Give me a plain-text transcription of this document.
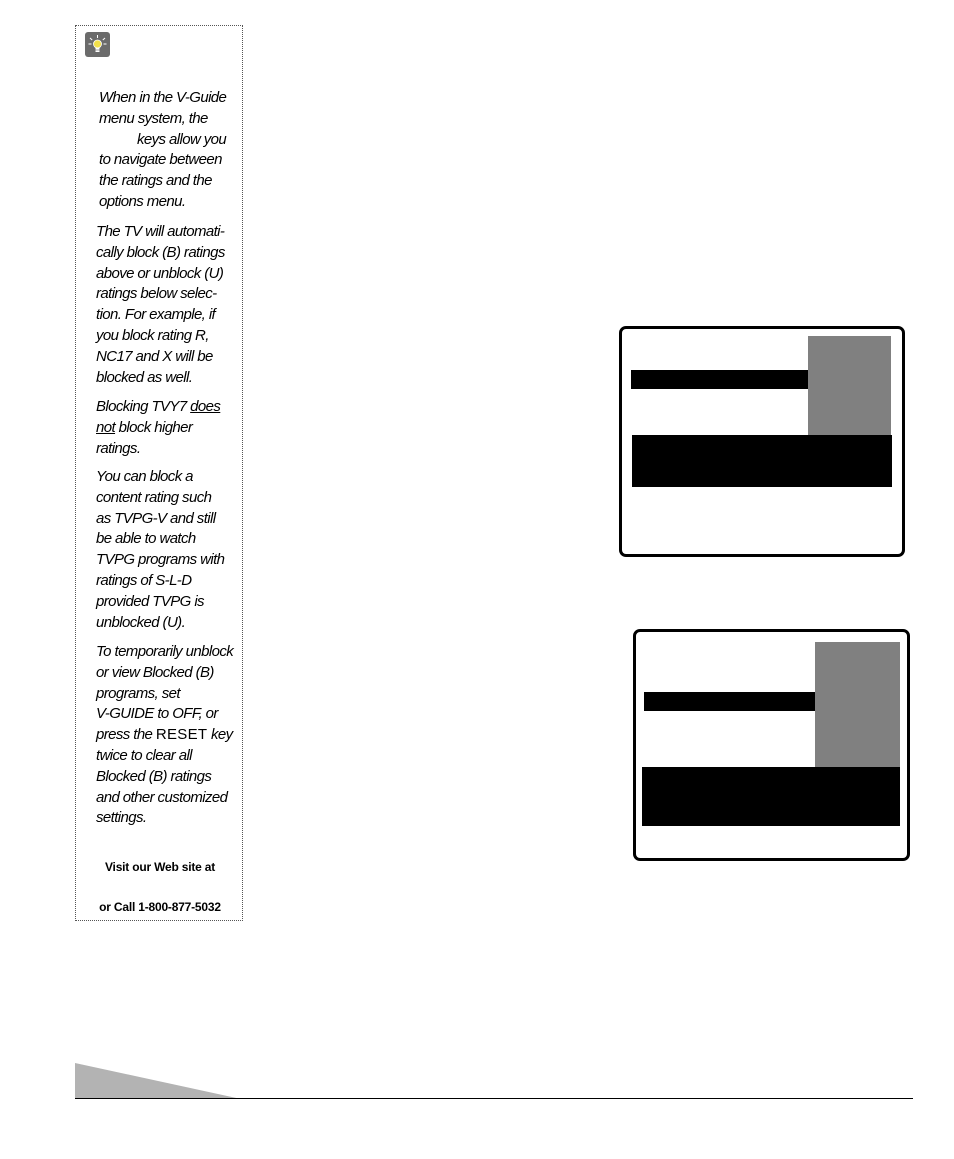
When in the V-Guide
menu system, the
keys allow you
to navigate between
the ratings and the
options menu.

The TV will automati-
cally block (B) ratings
above or unblock (U)
ratings below selec-
tion. For example, if
you block rating R,
NC17 and X will be
blocked as well.

Blocking TVY7 does
not block higher
ratings.

You can block a
content rating such
as TVPG-V and still
be able to watch
TVPG programs with
ratings of S-L-D
provided TVPG is
unblocked (U).

To temporarily unblock
or view Blocked (B)
programs, set
V-GUIDE to OFF, or
press the RESET key
twice to clear all
Blocked (B) ratings
and other customized
settings.

Visit our Web site at

or Call 1-800-877-5032
